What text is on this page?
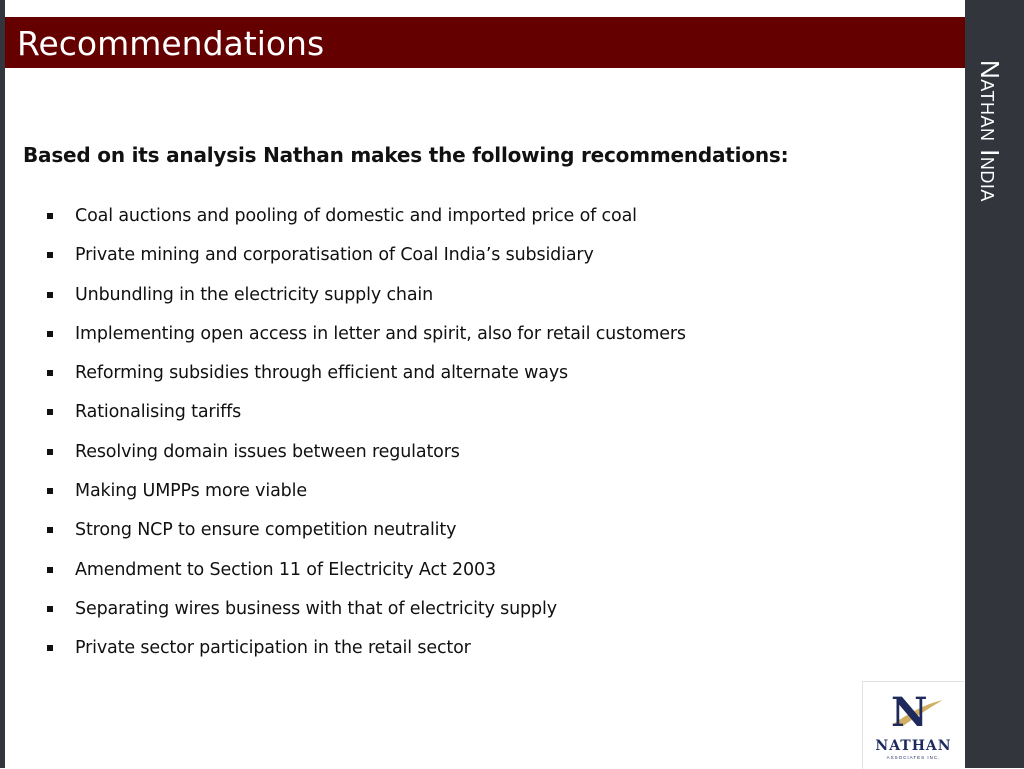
Recommendations
Nathan India
Based on its analysis Nathan makes the following recommendations:
Coal auctions and pooling of domestic and imported price of coal
Private mining and corporatisation of Coal India’s subsidiary
Unbundling in the electricity supply chain
Implementing open access in letter and spirit, also for retail customers
Reforming subsidies through efficient and alternate ways
Rationalising tariffs
Resolving domain issues between regulators
Making UMPPs more viable
Strong NCP to ensure competition neutrality
Amendment to Section 11 of Electricity Act 2003
Separating wires business with that of electricity supply
Private sector participation in the retail sector
N
NATHAN
ASSOCIATES INC.
